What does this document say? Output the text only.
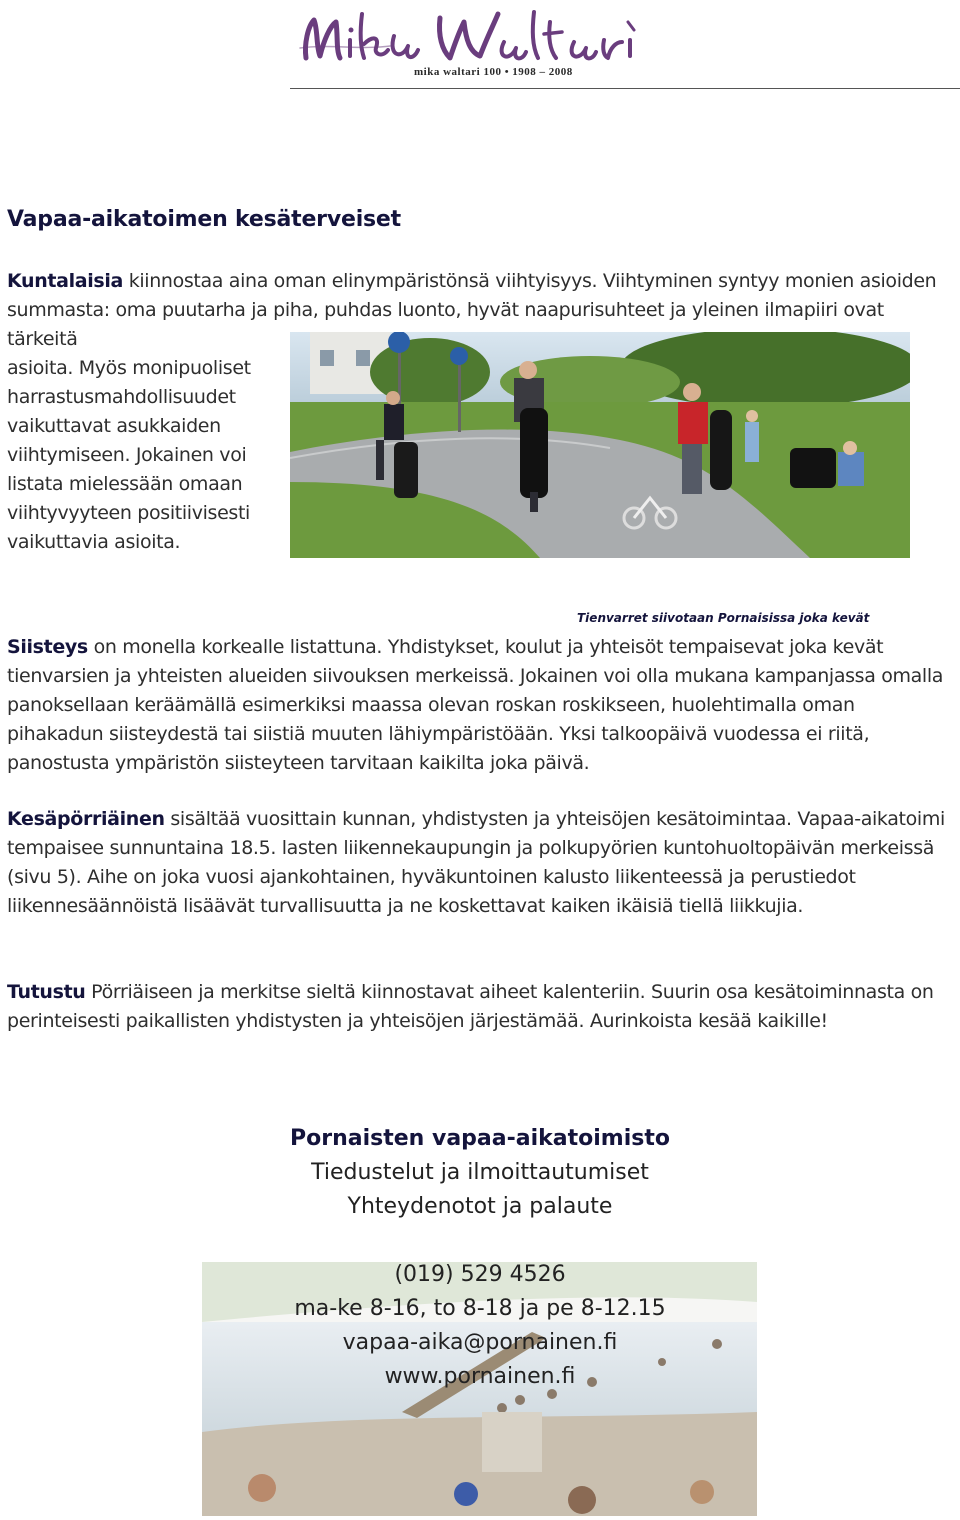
mika waltari 100 • 1908 – 2008
Vapaa-aikatoimen kesäterveiset

Kuntalaisia kiinnostaa aina oman elinympäristönsä viihtyisyys. Viihtyminen syntyy monien asioiden summasta: oma puutarha ja piha, puhdas luonto, hyvät naapurisuhteet ja yleinen ilmapiiri ovat tärkeitä

asioita. Myös monipuoliset harrastusmahdollisuudet vaikuttavat asukkaiden viihtymiseen. Jokainen voi listata mielessään omaan viihtyvyyteen positiivisesti vaikuttavia asioita.

Tienvarret siivotaan Pornaisissa joka kevät

Siisteys on monella korkealle listattuna. Yhdistykset, koulut ja yhteisöt tempaisevat joka kevät tienvarsien ja yhteisten alueiden siivouksen merkeissä. Jokainen voi olla mukana kampanjassa omalla panoksellaan keräämällä esimerkiksi maassa olevan roskan roskikseen, huolehtimalla oman pihakadun siisteydestä tai siistiä muuten lähiympäristöään. Yksi talkoopäivä vuodessa ei riitä, panostusta ympäristön siisteyteen tarvitaan kaikilta joka päivä.

Kesäpörriäinen sisältää vuosittain kunnan, yhdistysten ja yhteisöjen kesätoimintaa. Vapaa-aikatoimi tempaisee sunnuntaina 18.5. lasten liikennekaupungin ja polkupyörien kuntohuoltopäivän merkeissä (sivu 5). Aihe on joka vuosi ajankohtainen, hyväkuntoinen kalusto liikenteessä ja perustiedot liikennesäännöistä lisäävät turvallisuutta ja ne koskettavat kaiken ikäisiä tiellä liikkujia.

Tutustu Pörriäiseen ja merkitse sieltä kiinnostavat aiheet kalenteriin. Suurin osa kesätoiminnasta on perinteisesti paikallisten yhdistysten ja yhteisöjen järjestämää. Aurinkoista kesää kaikille!

Pornaisten vapaa-aikatoimisto
Tiedustelut ja ilmoittautumiset
Yhteydenotot ja palaute
(019) 529 4526
ma-ke 8-16, to 8-18 ja pe 8-12.15
vapaa-aika@pornainen.fi
www.pornainen.fi
